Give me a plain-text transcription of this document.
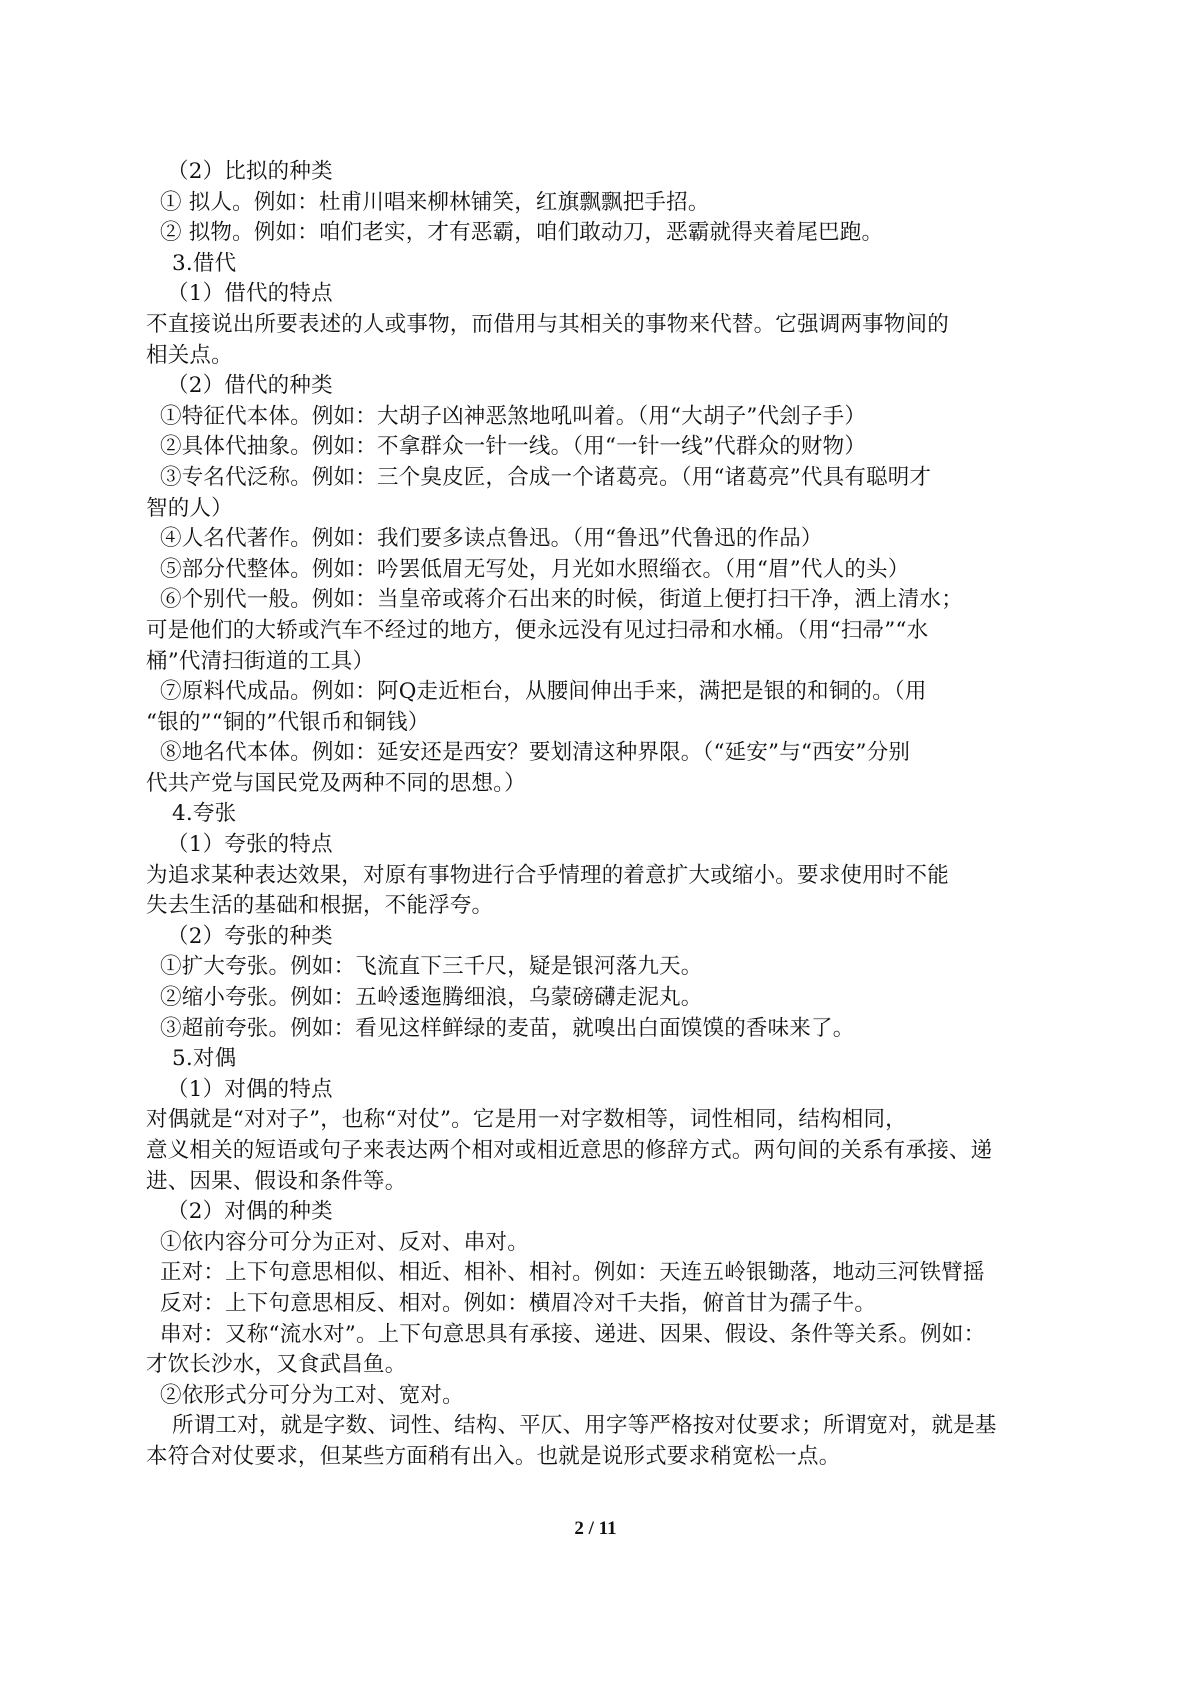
（2）比拟的种类
① 拟人。例如：杜甫川唱来柳林铺笑，红旗飘飘把手招。
② 拟物。例如：咱们老实，才有恶霸，咱们敢动刀，恶霸就得夹着尾巴跑。
3.借代
（1）借代的特点
不直接说出所要表述的人或事物，而借用与其相关的事物来代替。它强调两事物间的
相关点。
（2）借代的种类
①特征代本体。例如：大胡子凶神恶煞地吼叫着。（用“大胡子”代刽子手）
②具体代抽象。例如：不拿群众一针一线。（用“一针一线”代群众的财物）
③专名代泛称。例如：三个臭皮匠，合成一个诸葛亮。（用“诸葛亮”代具有聪明才
智的人）
④人名代著作。例如：我们要多读点鲁迅。（用“鲁迅”代鲁迅的作品）
⑤部分代整体。例如：吟罢低眉无写处，月光如水照缁衣。（用“眉”代人的头）
⑥个别代一般。例如：当皇帝或蒋介石出来的时候，街道上便打扫干净，洒上清水；
可是他们的大轿或汽车不经过的地方，便永远没有见过扫帚和水桶。（用“扫帚”“水
桶”代清扫街道的工具）
⑦原料代成品。例如：阿Q走近柜台，从腰间伸出手来，满把是银的和铜的。（用
“银的”“铜的”代银币和铜钱）
⑧地名代本体。例如：延安还是西安？要划清这种界限。（“延安”与“西安”分别
代共产党与国民党及两种不同的思想。）
4.夸张
（1）夸张的特点
为追求某种表达效果，对原有事物进行合乎情理的着意扩大或缩小。要求使用时不能
失去生活的基础和根据，不能浮夸。
（2）夸张的种类
①扩大夸张。例如：飞流直下三千尺，疑是银河落九天。
②缩小夸张。例如：五岭逶迤腾细浪，乌蒙磅礴走泥丸。
③超前夸张。例如：看见这样鲜绿的麦苗，就嗅出白面馍馍的香味来了。
5.对偶
（1）对偶的特点
对偶就是“对对子”，也称“对仗”。它是用一对字数相等，词性相同，结构相同，
意义相关的短语或句子来表达两个相对或相近意思的修辞方式。两句间的关系有承接、递
进、因果、假设和条件等。
（2）对偶的种类
①依内容分可分为正对、反对、串对。
正对：上下句意思相似、相近、相补、相衬。例如：天连五岭银锄落，地动三河铁臂摇
反对：上下句意思相反、相对。例如：横眉冷对千夫指，俯首甘为孺子牛。
串对：又称“流水对”。上下句意思具有承接、递进、因果、假设、条件等关系。例如：
才饮长沙水，又食武昌鱼。
②依形式分可分为工对、宽对。
所谓工对，就是字数、词性、结构、平仄、用字等严格按对仗要求；所谓宽对，就是基
本符合对仗要求，但某些方面稍有出入。也就是说形式要求稍宽松一点。
2 / 11
